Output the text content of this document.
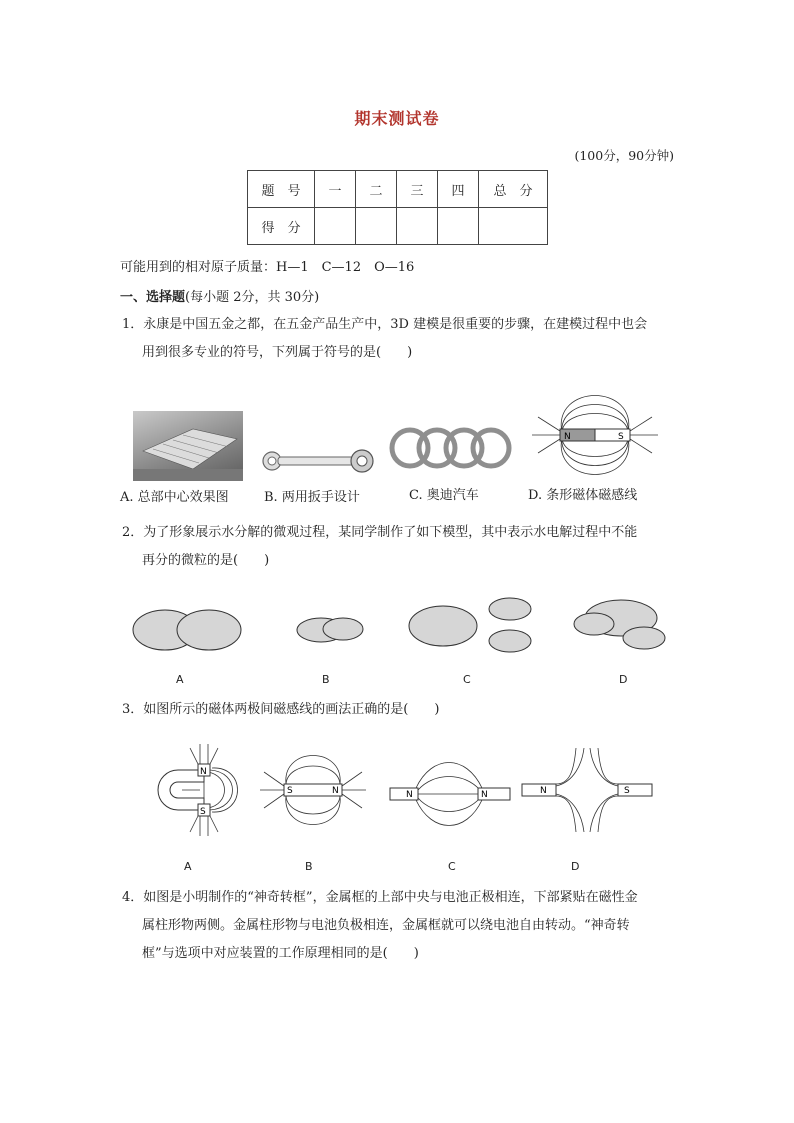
期末测试卷
(100分，90分钟)
题　号	一	二	三	四	总　分
得　分					
可能用到的相对原子质量：H—1　C—12　O—16
一、选择题(每小题 2分，共 30分)
1．永康是中国五金之都，在五金产品生产中，3D 建模是很重要的步骤，在建模过程中也会
用到很多专业的符号，下列属于符号的是(　　)
N	S
A. 总部中心效果图	B. 两用扳手设计	C. 奥迪汽车	D. 条形磁体磁感线
2．为了形象展示水分解的微观过程，某同学制作了如下模型，其中表示水电解过程中不能
再分的微粒的是(　　)
A	B	C	D
3．如图所示的磁体两极间磁感线的画法正确的是(　　)
N
S
S	N	N	N	N	S
A	B	C	D
4．如图是小明制作的“神奇转框”，金属框的上部中央与电池正极相连，下部紧贴在磁性金
属柱形物两侧。金属柱形物与电池负极相连，金属框就可以绕电池自由转动。“神奇转
框”与选项中对应装置的工作原理相同的是(　　)
